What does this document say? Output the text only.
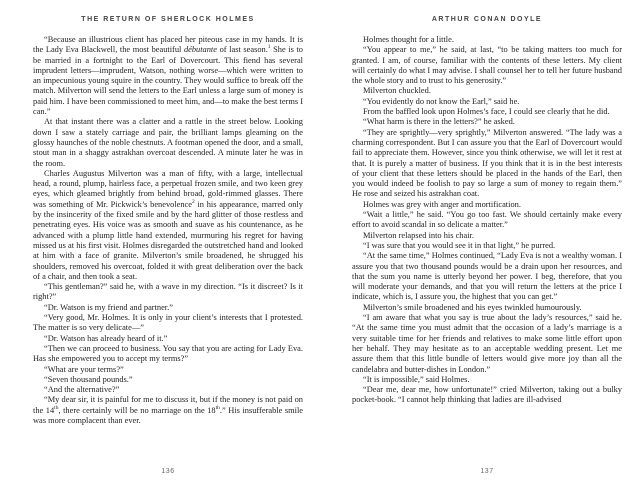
THE RETURN OF SHERLOCK HOLMES

“Because an illustrious client has placed her piteous case in my hands. It is the Lady Eva Blackwell, the most beautiful débutante of last season.$^1$ She is to be married in a fortnight to the Earl of Dovercourt. This fiend has several imprudent letters—imprudent, Watson, nothing worse—which were written to an impecunious young squire in the country. They would suffice to break off the match. Milverton will send the letters to the Earl unless a large sum of money is paid him. I have been commissioned to meet him, and—to make the best terms I can.”

At that instant there was a clatter and a rattle in the street below. Looking down I saw a stately carriage and pair, the brilliant lamps gleaming on the glossy haunches of the noble chestnuts. A footman opened the door, and a small, stout man in a shaggy astrakhan overcoat descended. A minute later he was in the room.

Charles Augustus Milverton was a man of fifty, with a large, intellectual head, a round, plump, hairless face, a perpetual frozen smile, and two keen grey eyes, which gleamed brightly from behind broad, gold-rimmed glasses. There was something of Mr. Pickwick’s benevolence$^2$ in his appearance, marred only by the insincerity of the fixed smile and by the hard glitter of those restless and penetrating eyes. His voice was as smooth and suave as his countenance, as he advanced with a plump little hand extended, murmuring his regret for having missed us at his first visit. Holmes disregarded the outstretched hand and looked at him with a face of granite. Milverton’s smile broadened, he shrugged his shoulders, removed his overcoat, folded it with great deliberation over the back of a chair, and then took a seat.

“This gentleman?” said he, with a wave in my direction. “Is it discreet? Is it right?”

“Dr. Watson is my friend and partner.”

“Very good, Mr. Holmes. It is only in your client’s interests that I protested. The matter is so very delicate—”

“Dr. Watson has already heard of it.”

“Then we can proceed to business. You say that you are acting for Lady Eva. Has she empowered you to accept my terms?”

“What are your terms?”

“Seven thousand pounds.”

“And the alternative?”

“My dear sir, it is painful for me to discuss it, but if the money is not paid on the 14th, there certainly will be no marriage on the 18th.” His insufferable smile was more complacent than ever.

136
ARTHUR CONAN DOYLE

Holmes thought for a little.

“You appear to me,” he said, at last, “to be taking matters too much for granted. I am, of course, familiar with the contents of these letters. My client will certainly do what I may advise. I shall counsel her to tell her future husband the whole story and to trust to his generosity.”

Milverton chuckled.

“You evidently do not know the Earl,” said he.

From the baffled look upon Holmes’s face, I could see clearly that he did.

“What harm is there in the letters?” he asked.

“They are sprightly—very sprightly,” Milverton answered. “The lady was a charming correspondent. But I can assure you that the Earl of Dovercourt would fail to appreciate them. However, since you think otherwise, we will let it rest at that. It is purely a matter of business. If you think that it is in the best interests of your client that these letters should be placed in the hands of the Earl, then you would indeed be foolish to pay so large a sum of money to regain them.” He rose and seized his astrakhan coat.

Holmes was grey with anger and mortification.

“Wait a little,” he said. “You go too fast. We should certainly make every effort to avoid scandal in so delicate a matter.”

Milverton relapsed into his chair.

“I was sure that you would see it in that light,” he purred.

“At the same time,” Holmes continued, “Lady Eva is not a wealthy woman. I assure you that two thousand pounds would be a drain upon her resources, and that the sum you name is utterly beyond her power. I beg, therefore, that you will moderate your demands, and that you will return the letters at the price I indicate, which is, I assure you, the highest that you can get.”

Milverton’s smile broadened and his eyes twinkled humourously.

“I am aware that what you say is true about the lady’s resources,” said he. “At the same time you must admit that the occasion of a lady’s marriage is a very suitable time for her friends and relatives to make some little effort upon her behalf. They may hesitate as to an acceptable wedding present. Let me assure them that this little bundle of letters would give more joy than all the candelabra and butter-dishes in London.”

“It is impossible,” said Holmes.

“Dear me, dear me, how unfortunate!” cried Milverton, taking out a bulky pocket-book. “I cannot help thinking that ladies are ill-advised

137
